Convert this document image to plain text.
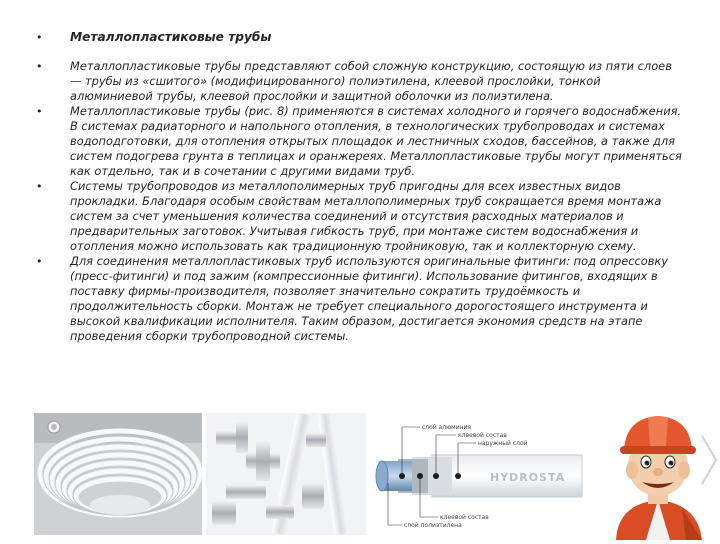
•	Металлопластиковые трубы
•	Металлопластиковые трубы представляют собой сложную конструкцию, состоящую из пяти слоев — трубы из «сшитого» (модифицированного) полиэтилена, клеевой прослойки, тонкой алюминиевой трубы, клеевой прослойки и защитной оболочки из полиэтилена.
•	Металлопластиковые трубы (рис. 8) применяются в системах холодного и горячего водоснабжения. В системах радиаторного и напольного отопления, в технологических трубопроводах и системах водоподготовки, для отопления открытых площадок и лестничных сходов, бассейнов, а также для систем подогрева грунта в теплицах и оранжереях. Металлопластиковые трубы могут применяться как отдельно, так и в сочетании с другими видами труб.
•	Системы трубопроводов из металлополимерных труб пригодны для всех известных видов прокладки. Благодаря особым свойствам металлополимерных труб сокращается время монтажа систем за счет уменьшения количества соединений и отсутствия расходных материалов и предварительных заготовок. Учитывая гибкость труб, при монтаже систем водоснабжения и отопления можно использовать как традиционную тройниковую, так и коллекторную схему.
•	Для соединения металлопластиковых труб используются оригинальные фитинги: под опрессовку (пресс-фитинги) и под зажим (компрессионные фитинги). Использование фитингов, входящих в поставку фирмы-производителя, позволяет значительно сократить трудоёмкость и продолжительность сборки. Монтаж не требует специального дорогостоящего инструмента и высокой квалификации исполнителя. Таким образом, достигается экономия средств на этапе проведения сборки трубопроводной системы.
слой алюминия
клеевой состав
наружный слой
клеевой состав
слой полиэтилена
HYDROSTA
